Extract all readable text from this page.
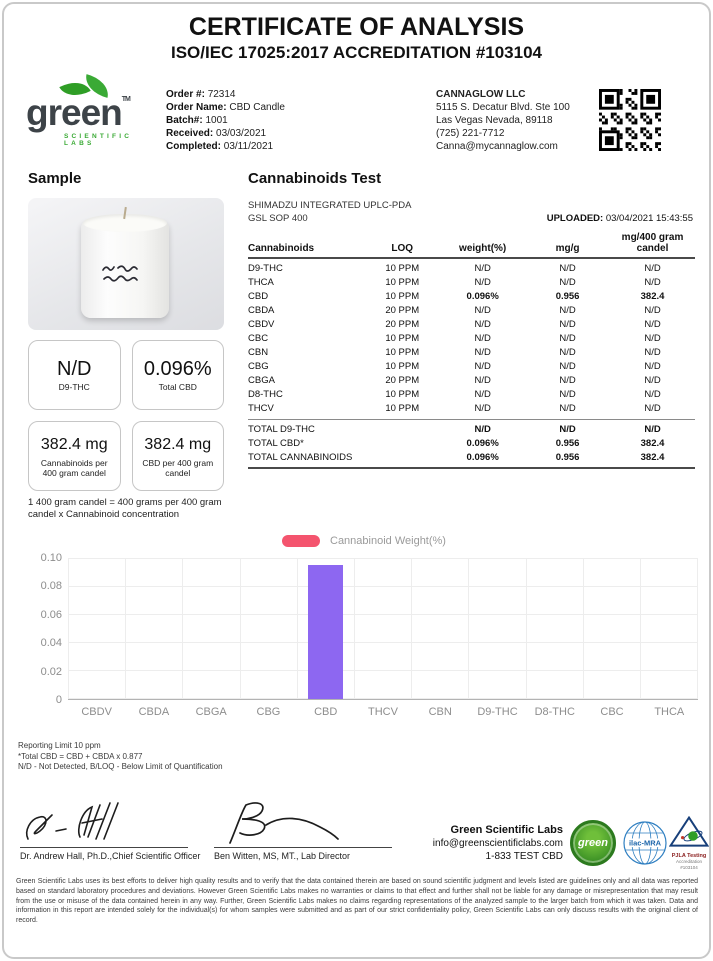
CERTIFICATE OF ANALYSIS
ISO/IEC 17025:2017 ACCREDITATION #103104
green™
SCIENTIFIC LABS
Order #: 72314
Order Name: CBD Candle
Batch#: 1001
Received: 03/03/2021
Completed: 03/11/2021
CANNAGLOW LLC
5115 S. Decatur Blvd. Ste 100
Las Vegas Nevada, 89118
(725) 221-7712
Canna@mycannaglow.com
Sample
N/D
D9-THC
0.096%
Total CBD
382.4 mg
Cannabinoids per 400 gram candel
382.4 mg
CBD per 400 gram candel
1 400 gram candel = 400 grams per 400 gram candel x Cannabinoid concentration
Cannabinoids Test
SHIMADZU INTEGRATED UPLC-PDA
GSL SOP 400	UPLOADED: 03/04/2021 15:43:55
Cannabinoids	LOQ	weight(%)	mg/g	mg/400 gram candel
D9-THC	10 PPM	N/D	N/D	N/D
THCA	10 PPM	N/D	N/D	N/D
CBD	10 PPM	0.096%	0.956	382.4
CBDA	20 PPM	N/D	N/D	N/D
CBDV	20 PPM	N/D	N/D	N/D
CBC	10 PPM	N/D	N/D	N/D
CBN	10 PPM	N/D	N/D	N/D
CBG	10 PPM	N/D	N/D	N/D
CBGA	20 PPM	N/D	N/D	N/D
D8-THC	10 PPM	N/D	N/D	N/D
THCV	10 PPM	N/D	N/D	N/D
TOTAL D9-THC		N/D	N/D	N/D
TOTAL CBD*		0.096%	0.956	382.4
TOTAL CANNABINOIDS		0.096%	0.956	382.4
Cannabinoid Weight(%)
0.10
0.08
0.06
0.04
0.02
0
CBDV	CBDA	CBGA	CBG	CBD	THCV	CBN	D9-THC	D8-THC	CBC	THCA
Reporting Limit 10 ppm
*Total CBD = CBD + CBDA x 0.877
N/D - Not Detected, B/LOQ - Below Limit of Quantification
Dr. Andrew Hall, Ph.D.,Chief Scientific Officer Ben Witten, MS, MT., Lab Director
Green Scientific Labs
info@greenscientificlabs.com
1-833 TEST CBD
green	ilac-MRA
PJLA Testing
Accreditation #103104
Green Scientific Labs uses its best efforts to deliver high quality results and to verify that the data contained therein are based on sound scientific judgment and levels listed are guidelines only and all data was reported based on standard laboratory procedures and deviations. However Green Scientific Labs makes no warranties or claims to that effect and further shall not be liable for any damage or misrepresentation that may result from the use or misuse of the data contained herein in any way. Further, Green Scientific Labs makes no claims regarding representations of the analyzed sample to the larger batch from which it was taken. Data and information in this report are intended solely for the individual(s) for whom samples were submitted and as part of our strict confidentiality policy, Green Scientific Labs can only discuss results with the original client of record.
